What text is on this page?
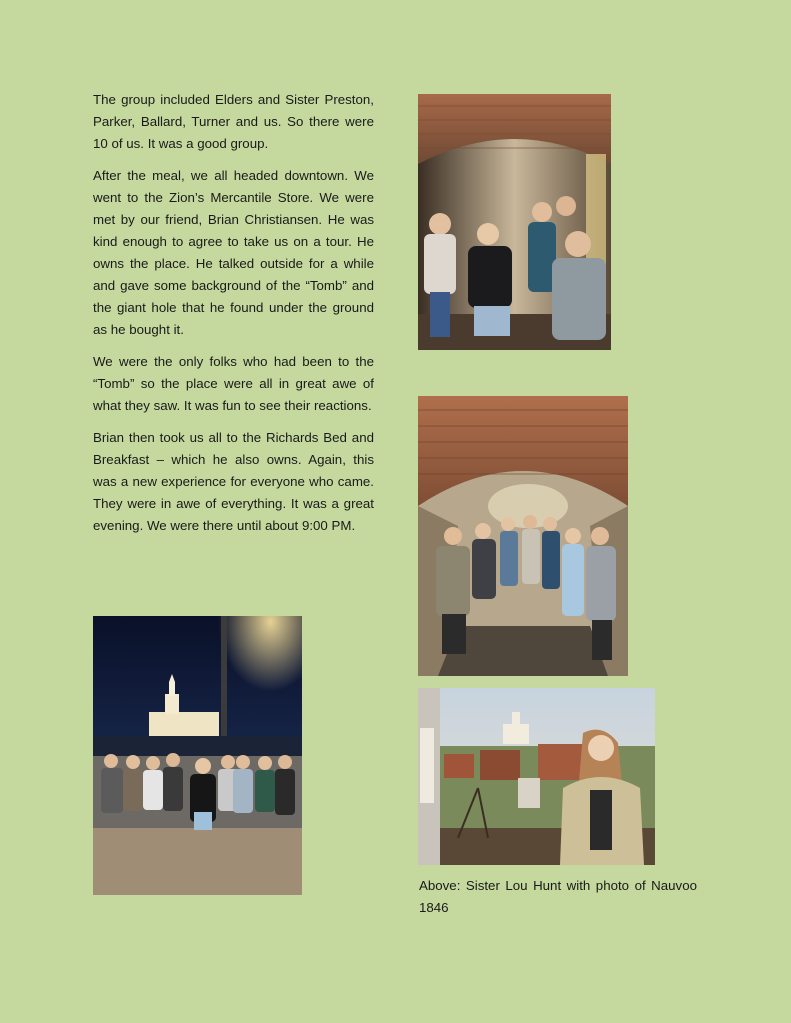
The group included Elders and Sister Preston, Parker, Ballard, Turner and us. So there were 10 of us. It was a good group.

After the meal, we all headed downtown. We went to the Zion’s Mercantile Store. We were met by our friend, Brian Christiansen. He was kind enough to agree to take us on a tour. He owns the place. He talked outside for a while and gave some background of the “Tomb” and the giant hole that he found under the ground as he bought it.

We were the only folks who had been to the “Tomb” so the place were all in great awe of what they saw. It was fun to see their reactions.

Brian then took us all to the Richards Bed and Breakfast – which he also owns. Again, this was a new experience for everyone who came. They were in awe of everything. It was a great evening. We were there until about 9:00 PM.

Above: Sister Lou Hunt with photo of Nauvoo 1846
